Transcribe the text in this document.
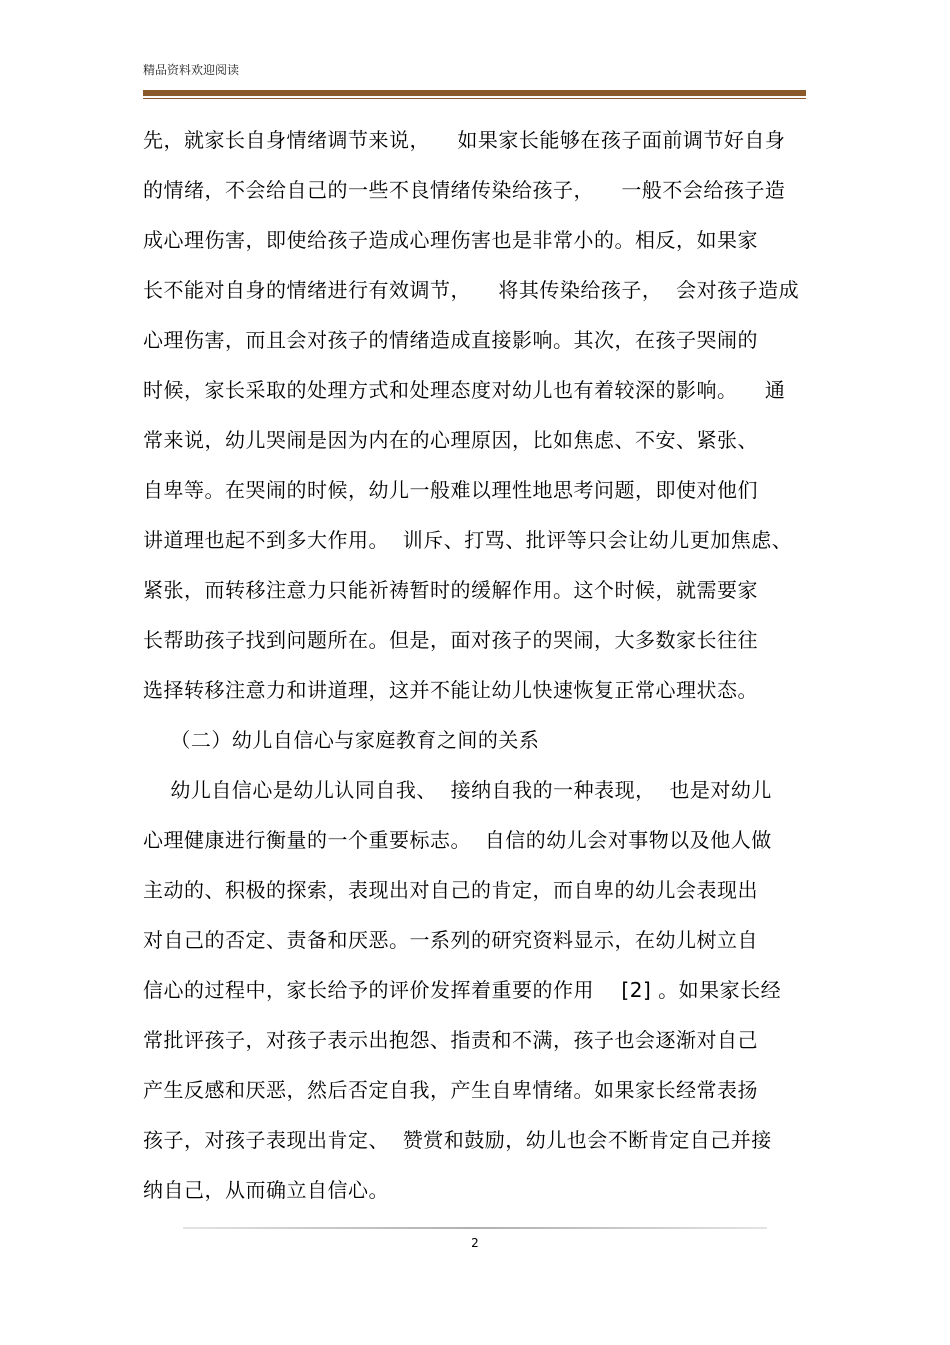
精品资料欢迎阅读
先，就家长自身情绪调节来说，    如果家长能够在孩子面前调节好自身
的情绪，不会给自己的一些不良情绪传染给孩子，    一般不会给孩子造
成心理伤害，即使给孩子造成心理伤害也是非常小的。相反，如果家
长不能对自身的情绪进行有效调节，    将其传染给孩子，  会对孩子造成
心理伤害，而且会对孩子的情绪造成直接影响。其次，在孩子哭闹的
时候，家长采取的处理方式和处理态度对幼儿也有着较深的影响。    通
常来说，幼儿哭闹是因为内在的心理原因，比如焦虑、不安、紧张、
自卑等。在哭闹的时候，幼儿一般难以理性地思考问题，即使对他们
讲道理也起不到多大作用。  训斥、打骂、批评等只会让幼儿更加焦虑、
紧张，而转移注意力只能祈祷暂时的缓解作用。这个时候，就需要家
长帮助孩子找到问题所在。但是，面对孩子的哭闹，大多数家长往往
选择转移注意力和讲道理，这并不能让幼儿快速恢复正常心理状态。
（二）幼儿自信心与家庭教育之间的关系
幼儿自信心是幼儿认同自我、  接纳自我的一种表现，  也是对幼儿
心理健康进行衡量的一个重要标志。  自信的幼儿会对事物以及他人做
主动的、积极的探索，表现出对自己的肯定，而自卑的幼儿会表现出
对自己的否定、责备和厌恶。一系列的研究资料显示，在幼儿树立自
信心的过程中，家长给予的评价发挥着重要的作用    [2] 。如果家长经
常批评孩子，对孩子表示出抱怨、指责和不满，孩子也会逐渐对自己
产生反感和厌恶，然后否定自我，产生自卑情绪。如果家长经常表扬
孩子，对孩子表现出肯定、  赞赏和鼓励，幼儿也会不断肯定自己并接
纳自己，从而确立自信心。
2
